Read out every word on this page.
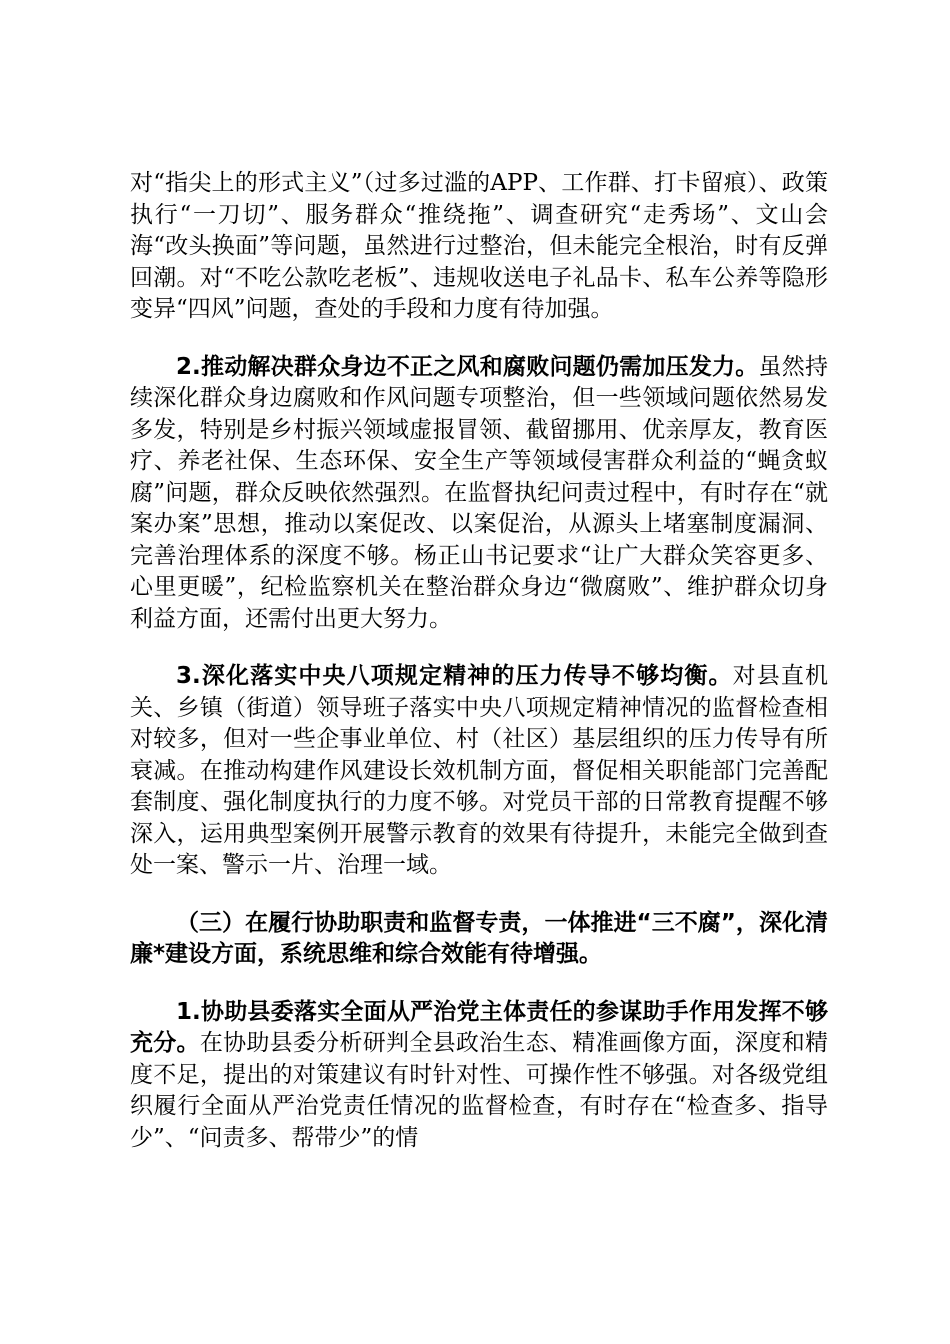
对“指尖上的形式主义”（过多过滥的APP、工作群、打卡留痕）、政策执行“一刀切”、服务群众“推绕拖”、调查研究“走秀场”、文山会海“改头换面”等问题，虽然进行过整治，但未能完全根治，时有反弹回潮。对“不吃公款吃老板”、违规收送电子礼品卡、私车公养等隐形变异“四风”问题，查处的手段和力度有待加强。

2.推动解决群众身边不正之风和腐败问题仍需加压发力。虽然持续深化群众身边腐败和作风问题专项整治，但一些领域问题依然易发多发，特别是乡村振兴领域虚报冒领、截留挪用、优亲厚友，教育医疗、养老社保、生态环保、安全生产等领域侵害群众利益的“蝇贪蚁腐”问题，群众反映依然强烈。在监督执纪问责过程中，有时存在“就案办案”思想，推动以案促改、以案促治，从源头上堵塞制度漏洞、完善治理体系的深度不够。杨正山书记要求“让广大群众笑容更多、心里更暖”，纪检监察机关在整治群众身边“微腐败”、维护群众切身利益方面，还需付出更大努力。

3.深化落实中央八项规定精神的压力传导不够均衡。对县直机关、乡镇（街道）领导班子落实中央八项规定精神情况的监督检查相对较多，但对一些企事业单位、村（社区）基层组织的压力传导有所衰减。在推动构建作风建设长效机制方面，督促相关职能部门完善配套制度、强化制度执行的力度不够。对党员干部的日常教育提醒不够深入，运用典型案例开展警示教育的效果有待提升，未能完全做到查处一案、警示一片、治理一域。

（三）在履行协助职责和监督专责，一体推进“三不腐”，深化清廉*建设方面，系统思维和综合效能有待增强。

1.协助县委落实全面从严治党主体责任的参谋助手作用发挥不够充分。在协助县委分析研判全县政治生态、精准画像方面，深度和精度不足，提出的对策建议有时针对性、可操作性不够强。对各级党组织履行全面从严治党责任情况的监督检查，有时存在“检查多、指导少”、“问责多、帮带少”的情
